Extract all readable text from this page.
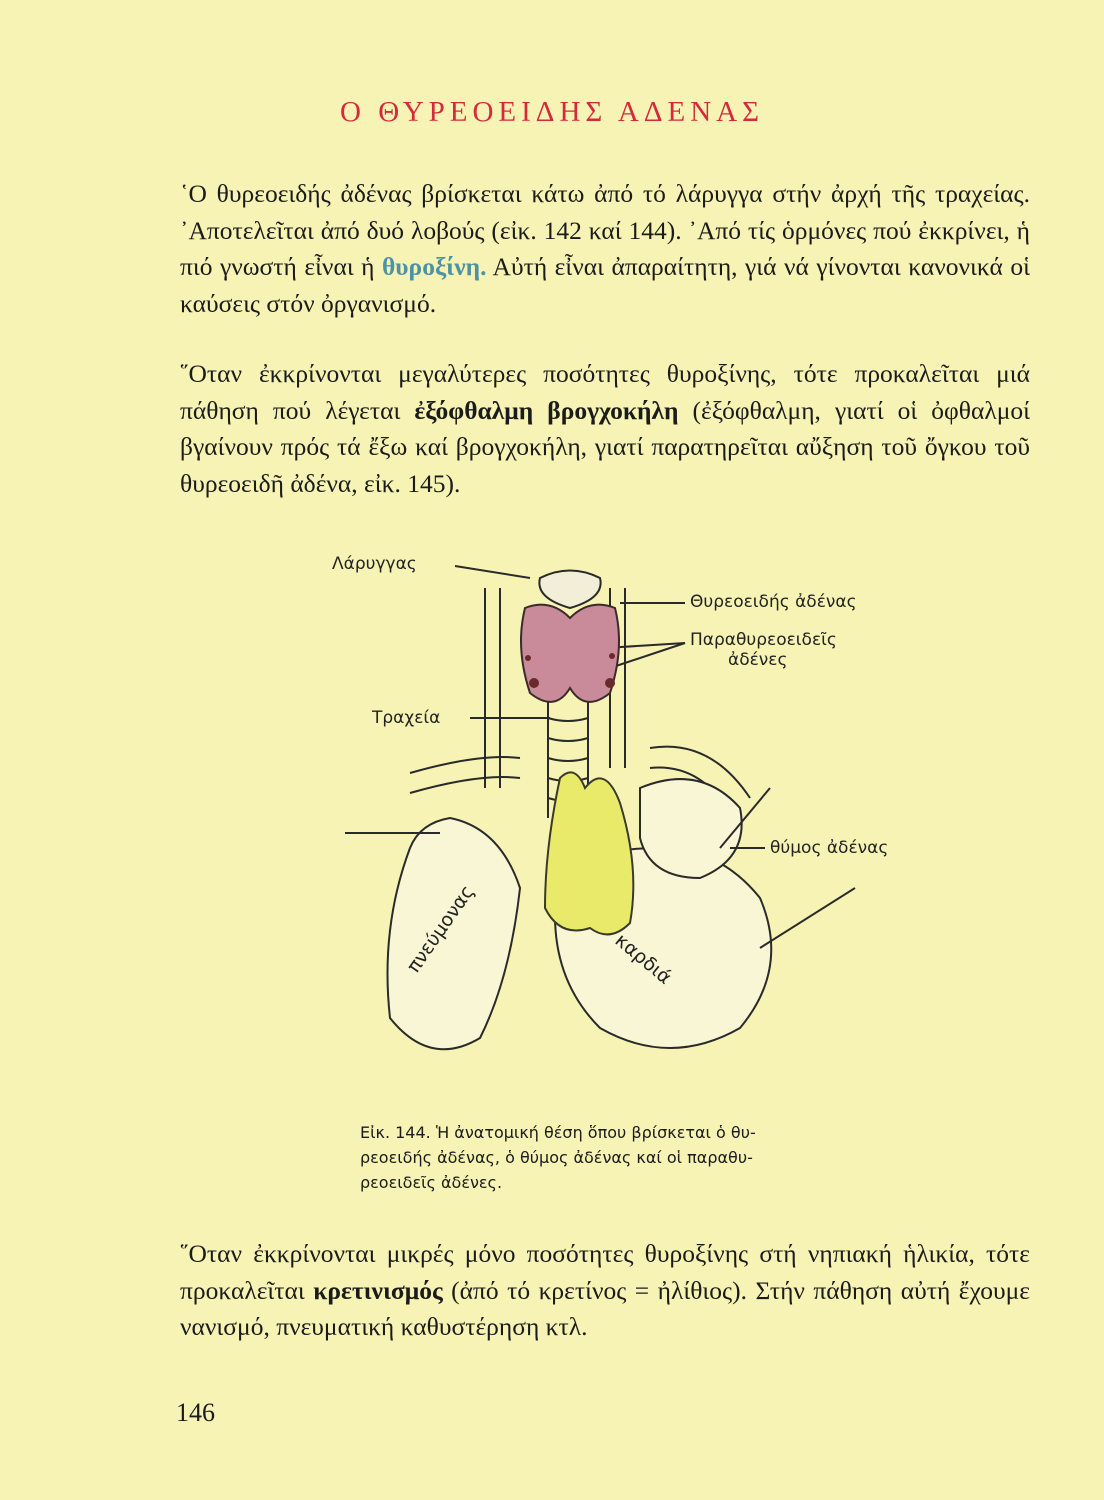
Ο ΘΥΡΕΟΕΙΔΗΣ ΑΔΕΝΑΣ

῾Ο θυρεοειδής ἀδένας βρίσκεται κάτω ἀπό τό λάρυγγα στήν ἀρχή τῆς τραχείας. ᾿Αποτελεῖται ἀπό δυό λοβούς (εἰκ. 142 καί 144). ᾿Από τίς ὁρμόνες πού ἐκκρίνει, ἡ πιό γνωστή εἶναι ἡ θυροξίνη. Αὐτή εἶναι ἀπαραίτητη, γιά νά γίνονται κανονικά οἱ καύσεις στόν ὀργανισμό.

῞Οταν ἐκκρίνονται μεγαλύτερες ποσότητες θυροξίνης, τότε προκαλεῖται μιά πάθηση πού λέγεται ἐξόφθαλμη βρογχοκήλη (ἐξόφθαλμη, γιατί οἱ ὀφθαλμοί βγαίνουν πρός τά ἔξω καί βρογχοκήλη, γιατί παρατηρεῖται αὔξηση τοῦ ὄγκου τοῦ θυρεοειδῆ ἀδένα, εἰκ. 145).

Λάρυγγας
Θυρεοειδής ἀδένας
Παραθυρεοειδεῖς
ἀδένες
Τραχεία
θύμος ἀδένας
πνεύμονας	καρδιά
Εἰκ. 144. Ἡ ἀνατομική θέση ὅπου βρίσκεται ὁ θυ-
ρεοειδής ἀδένας, ὁ θύμος ἀδένας καί οἱ παραθυ-
ρεοειδεῖς ἀδένες.

῞Οταν ἐκκρίνονται μικρές μόνο ποσότητες θυροξίνης στή νηπιακή ἡλικία, τότε προκαλεῖται κρετινισμός (ἀπό τό κρετίνος = ἠλίθιος). Στήν πάθηση αὐτή ἔχουμε νανισμό, πνευματική καθυστέρηση κτλ.

146
